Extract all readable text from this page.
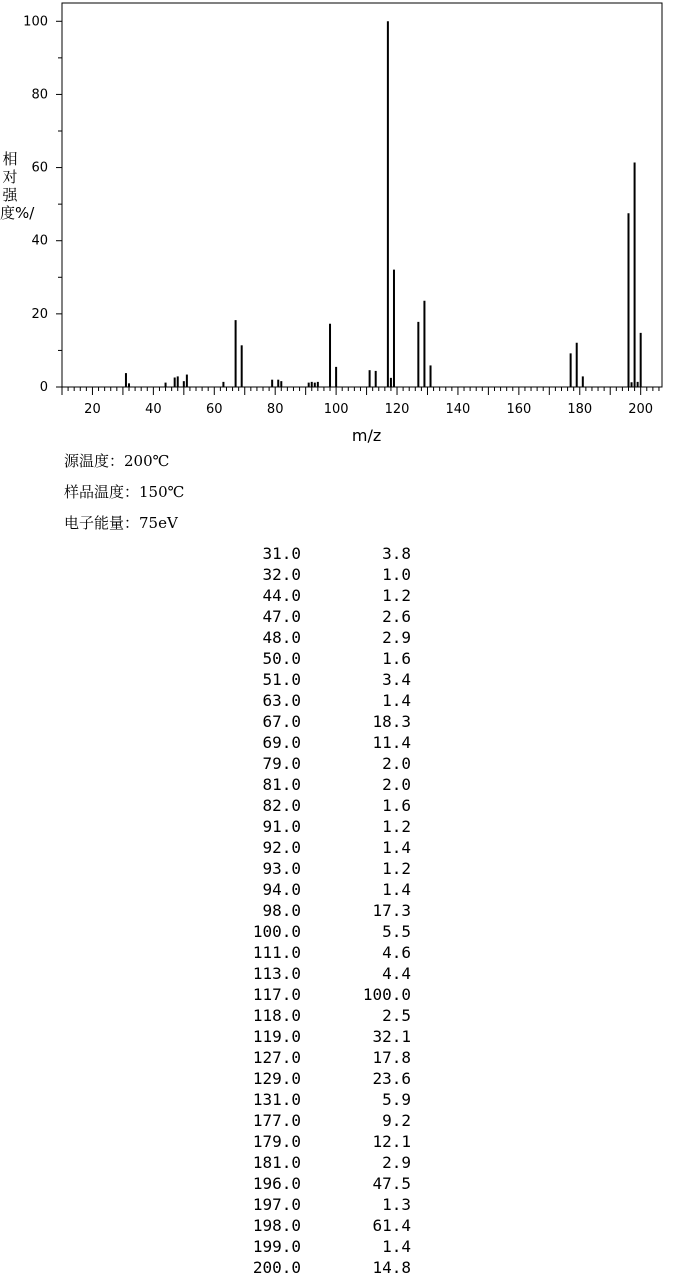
0
20
40
60
80
100
20	40	60	80	100	120	140	160	180	200
m/z
相对强度%/
源温度：200℃
样品温度：150℃
电子能量：75eV
31.0	3.8
32.0	1.0
44.0	1.2
47.0	2.6
48.0	2.9
50.0	1.6
51.0	3.4
63.0	1.4
67.0	18.3
69.0	11.4
79.0	2.0
81.0	2.0
82.0	1.6
91.0	1.2
92.0	1.4
93.0	1.2
94.0	1.4
98.0	17.3
100.0	5.5
111.0	4.6
113.0	4.4
117.0	100.0
118.0	2.5
119.0	32.1
127.0	17.8
129.0	23.6
131.0	5.9
177.0	9.2
179.0	12.1
181.0	2.9
196.0	47.5
197.0	1.3
198.0	61.4
199.0	1.4
200.0	14.8
